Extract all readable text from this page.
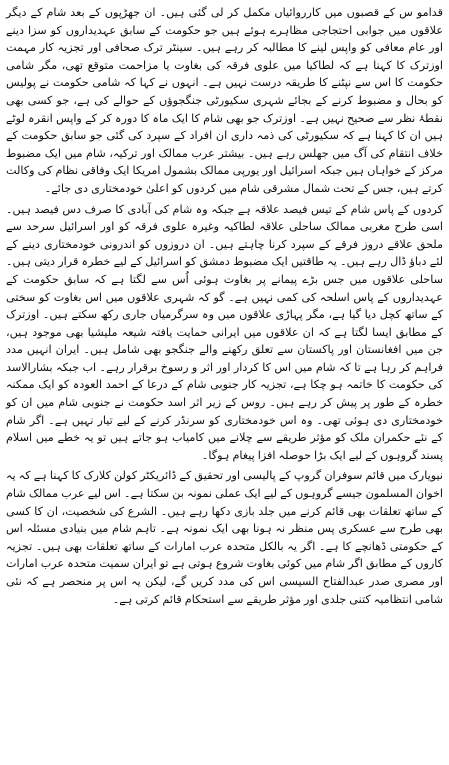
قدامو س کے قصبوں میں کارروائیاں مکمل کر لی گئی ہیں۔ ان جھڑپوں کے بعد شام کے دیگر علاقوں میں جوابی احتجاجی مظاہرے ہوئے ہیں جو حکومت کے سابق عہدیداروں کو سزا دینے اور عام معافی کو واپس لینے کا مطالبہ کر رہے ہیں۔ سینٹر ترک صحافی اور تجزیہ کار مہمت اوزترک کا کہنا ہے کہ لطاکیا میں علوی فرقہ کی بغاوت یا مزاحمت متوقع تھی، مگر شامی حکومت کا اس سے نپٹنے کا طریقہ درست نہیں ہے۔ انہوں نے کہا کہ شامی حکومت نے پولیس کو بحال و مضبوط کرنے کے بجائے شہری سکیورٹی جنگجوؤں کے حوالے کی ہے، جو کسی بھی نقطۂ نظر سے صحیح نہیں ہے۔ اوزترک جو بھی شام کا ایک ماہ کا دورہ کر کے واپس انقرہ لوٹے ہیں ان کا کہنا ہے کہ سکیورٹی کی ذمہ داری ان افراد کے سپرد کی گئی جو سابق حکومت کے خلاف انتقام کی آگ میں جھلس رہے ہیں۔ بیشتر عرب ممالک اور ترکیہ، شام میں ایک مضبوط مرکز کے خواہاں ہیں جبکہ اسرائیل اور یورپی ممالک بشمول امریکا ایک وفاقی نظام کی وکالت کرتے ہیں، جس کے تحت شمال مشرقی شام میں کردوں کو اعلیٰ خودمختاری دی جائے۔

کردوں کے پاس شام کے تیس فیصد علاقہ ہے جبکہ وہ شام کی آبادی کا صرف دس فیصد ہیں۔ اسی طرح مغربی ممالک ساحلی علاقہ لطاکیہ وغیرہ علوی فرقہ کو اور اسرائیل سرحد سے ملحق علاقے دروز فرقے کے سپرد کرنا چاہتے ہیں۔ ان دروزوں کو اندرونی خودمختاری دینے کے لئے دباؤ ڈال رہے ہیں۔ یہ طاقتیں ایک مضبوط دمشق کو اسرائیل کے لیے خطرہ قرار دیتی ہیں۔ ساحلی علاقوں میں جس بڑے پیمانے پر بغاوت ہوئی اُس سے لگتا ہے کہ سابق حکومت کے عہدیداروں کے پاس اسلحہ کی کمی نہیں ہے۔ گو کہ شہری علاقوں میں اس بغاوت کو سختی کے ساتھ کچل دیا گیا ہے، مگر پہاڑی علاقوں میں وہ سرگرمیاں جاری رکھ سکتے ہیں۔ اوزترک کے مطابق ایسا لگتا ہے کہ ان علاقوں میں ایرانی حمایت یافتہ شیعہ ملیشیا بھی موجود ہیں، جن میں افغانستان اور پاکستان سے تعلق رکھنے والے جنگجو بھی شامل ہیں۔ ایران انہیں مدد فراہم کر رہا ہے تا کہ شام میں اس کا کردار اور اثر و رسوخ برقرار رہے۔ اب جبکہ بشارالاسد کی حکومت کا خاتمہ ہو چکا ہے، تجزیہ کار جنوبی شام کے درعا کے احمد العودہ کو ایک ممکنہ خطرہ کے طور پر پیش کر رہے ہیں۔ روس کے زیر اثر اسد حکومت نے جنوبی شام میں ان کو خودمختاری دی ہوئی تھی۔ وہ اس خودمختاری کو سرنڈر کرنے کے لیے تیار نہیں ہے۔ اگر شام کے نئے حکمران ملک کو مؤثر طریقے سے چلانے میں کامیاب ہو جاتے ہیں تو یہ خطے میں اسلام پسند گروہوں کے لیے ایک بڑا حوصلہ افزا پیغام ہوگا۔

نیویارک میں قائم سوفران گروپ کے پالیسی اور تحقیق کے ڈائریکٹر کولن کلارک کا کہنا ہے کہ یہ اخوان المسلمون جیسے گروہوں کے لیے ایک عملی نمونہ بن سکتا ہے۔ اس لیے عرب ممالک شام کے ساتھ تعلقات بھی قائم کرنے میں جلد بازی دکھا رہے ہیں۔ الشرع کی شخصیت، ان کا کسی بھی طرح سے عسکری پس منظر نہ ہونا بھی ایک نمونہ ہے۔ تاہم شام میں بنیادی مسئلہ اس کے حکومتی ڈھانچے کا ہے۔ اگر یہ بالکل متحدہ عرب امارات کے ساتھ تعلقات بھی ہیں۔ تجزیہ کاروں کے مطابق اگر شام میں کوئی بغاوت شروع ہوتی ہے تو ایران سمیت متحدہ عرب امارات اور مصری صدر عبدالفتاح السیسی اس کی مدد کریں گے، لیکن یہ اس پر منحصر ہے کہ نئی شامی انتظامیہ کتنی جلدی اور مؤثر طریقے سے استحکام قائم کرتی ہے۔
